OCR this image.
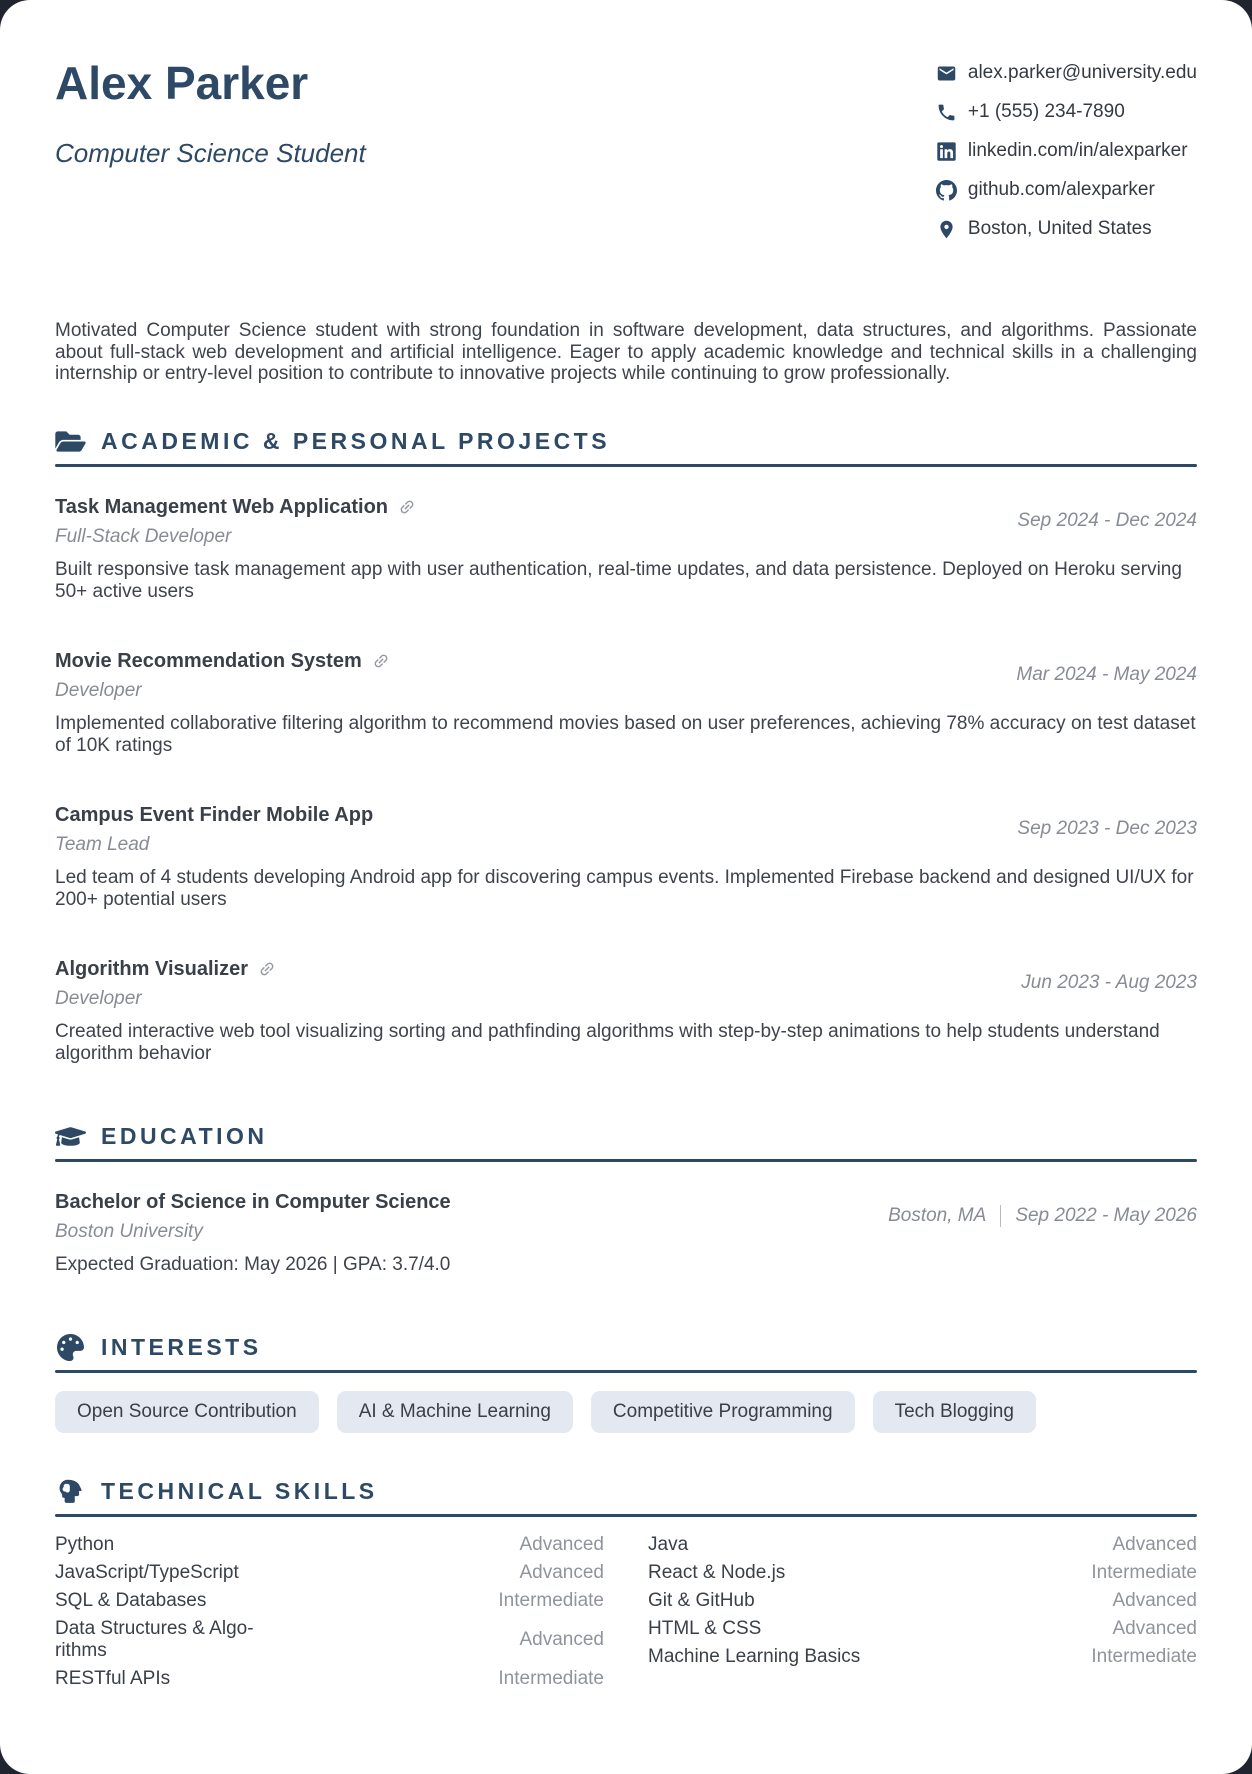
Alex Parker
Computer Science Student
alex.parker@university.edu
+1 (555) 234-7890
linkedin.com/in/alexparker
github.com/alexparker
Boston, United States

Motivated Computer Science student with strong foundation in software development, data structures, and algorithms. Passionate about full-stack web development and artificial intelligence. Eager to apply academic knowledge and technical skills in a challenging internship or entry-level position to contribute to innovative projects while continuing to grow professionally.

ACADEMIC & PERSONAL PROJECTS
Task Management Web Application
Full-Stack Developer
Sep 2024 - Dec 2024
Built responsive task management app with user authentication, real-time updates, and data persistence. Deployed on Heroku serving 50+ active users
Movie Recommendation System
Developer
Mar 2024 - May 2024
Implemented collaborative filtering algorithm to recommend movies based on user preferences, achieving 78% accuracy on test dataset of 10K ratings
Campus Event Finder Mobile App
Team Lead
Sep 2023 - Dec 2023
Led team of 4 students developing Android app for discovering campus events. Implemented Firebase backend and designed UI/UX for 200+ potential users
Algorithm Visualizer
Developer
Jun 2023 - Aug 2023
Created interactive web tool visualizing sorting and pathfinding algorithms with step-by-step animations to help students understand algorithm behavior
EDUCATION
Bachelor of Science in Computer Science
Boston University
Boston, MA Sep 2022 - May 2026
Expected Graduation: May 2026 | GPA: 3.7/4.0
INTERESTS
Open Source Contribution	AI & Machine Learning	Competitive Programming	Tech Blogging
TECHNICAL SKILLS
Python	Advanced
JavaScript/TypeScript	Advanced
SQL & Databases	Intermediate
Data Structures & Algorithms
Advanced
RESTful APIs	Intermediate
Java	Advanced
React & Node.js	Intermediate
Git & GitHub	Advanced
HTML & CSS	Advanced
Machine Learning Basics	Intermediate
